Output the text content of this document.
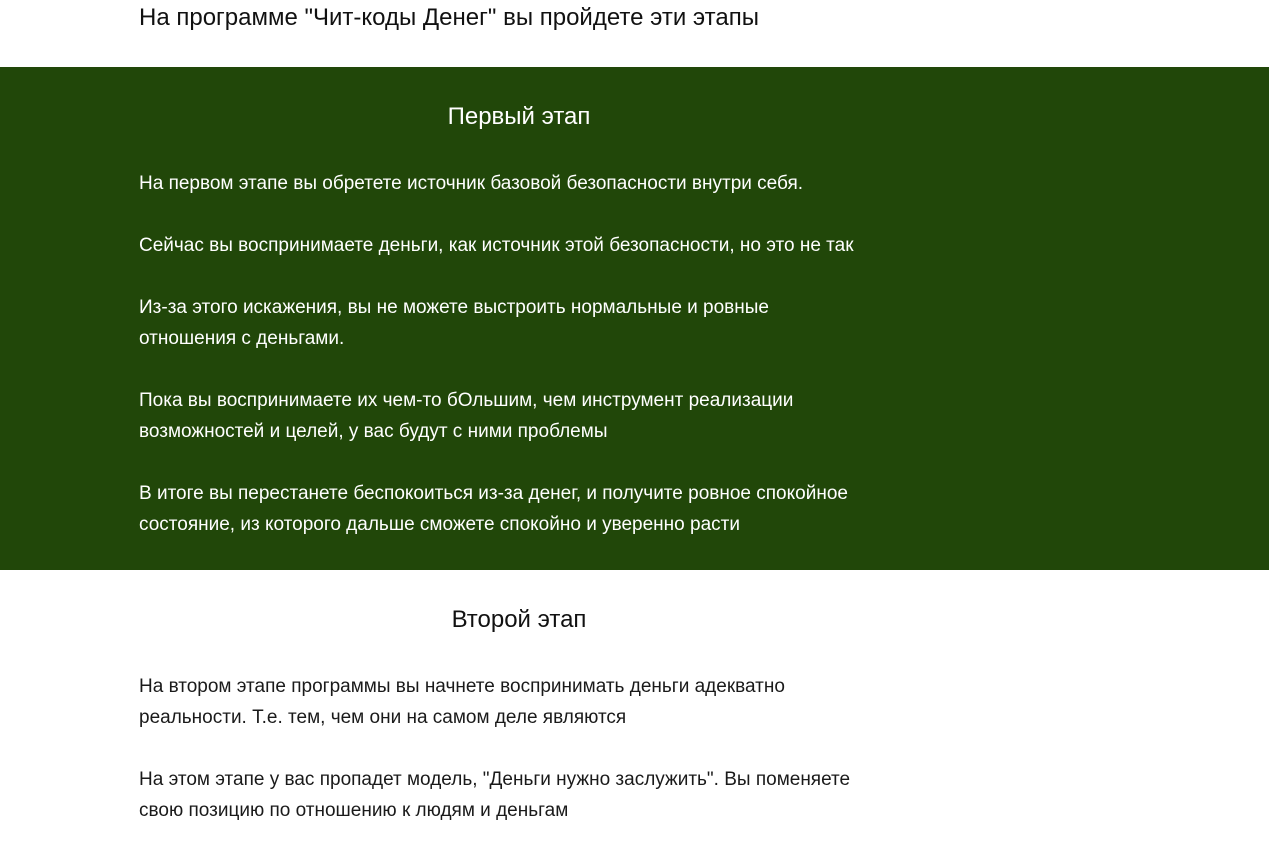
На программе "Чит-коды Денег" вы пройдете эти этапы
Первый этап

На первом этапе вы обретете источник базовой безопасности внутри себя.

Сейчас вы воспринимаете деньги, как источник этой безопасности, но это не так

Из-за этого искажения, вы не можете выстроить нормальные и ровные
отношения с деньгами.

Пока вы воспринимаете их чем-то бОльшим, чем инструмент реализации
возможностей и целей, у вас будут с ними проблемы

В итоге вы перестанете беспокоиться из-за денег, и получите ровное спокойное
состояние, из которого дальше сможете спокойно и уверенно расти

Второй этап

На втором этапе программы вы начнете воспринимать деньги адекватно
реальности. Т.е. тем, чем они на самом деле являются

На этом этапе у вас пропадет модель, "Деньги нужно заслужить". Вы поменяете
свою позицию по отношению к людям и деньгам
